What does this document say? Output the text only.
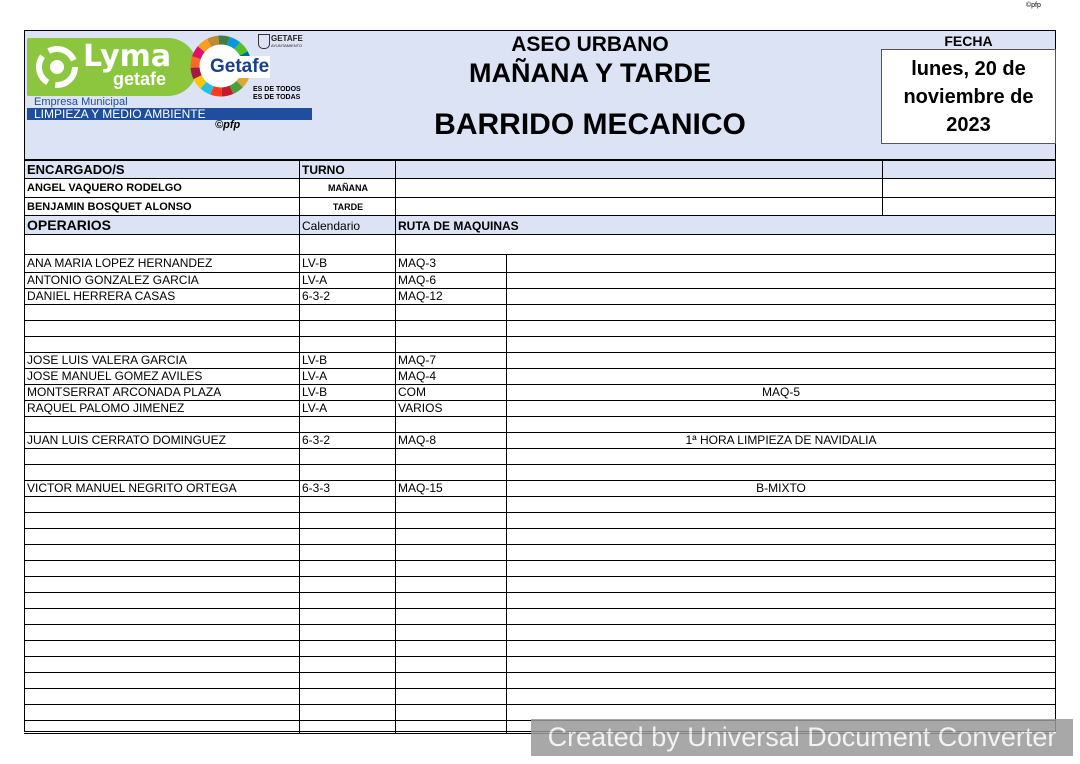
©pfp
Lyma
getafe
Getafe
GETAFE
AYUNTAMIENTO
ES DE TODOS
ES DE TODAS
Empresa Municipal
LIMPIEZA Y MEDIO AMBIENTE
©pfp
ASEO URBANO
MAÑANA Y TARDE
BARRIDO MECANICO
FECHA
lunes, 20 de
noviembre de
2023
ENCARGADO/S	TURNO
ANGEL VAQUERO RODELGO	MAÑANA
BENJAMIN BOSQUET ALONSO	TARDE
OPERARIOS	Calendario	RUTA DE MAQUINAS
ANA MARIA LOPEZ HERNANDEZ	LV-B	MAQ-3
ANTONIO GONZALEZ GARCIA	LV-A	MAQ-6
DANIEL HERRERA CASAS	6-3-2	MAQ-12
JOSE LUIS VALERA GARCIA	LV-B	MAQ-7
JOSE MANUEL GOMEZ AVILES	LV-A	MAQ-4
MONTSERRAT ARCONADA PLAZA	LV-B	COM	MAQ-5
RAQUEL PALOMO JIMENEZ	LV-A	VARIOS
JUAN LUIS CERRATO DOMINGUEZ	6-3-2	MAQ-8	1ª HORA LIMPIEZA DE NAVIDALIA
VICTOR MANUEL NEGRITO ORTEGA	6-3-3	MAQ-15	B-MIXTO
Created by Universal Document Converter
